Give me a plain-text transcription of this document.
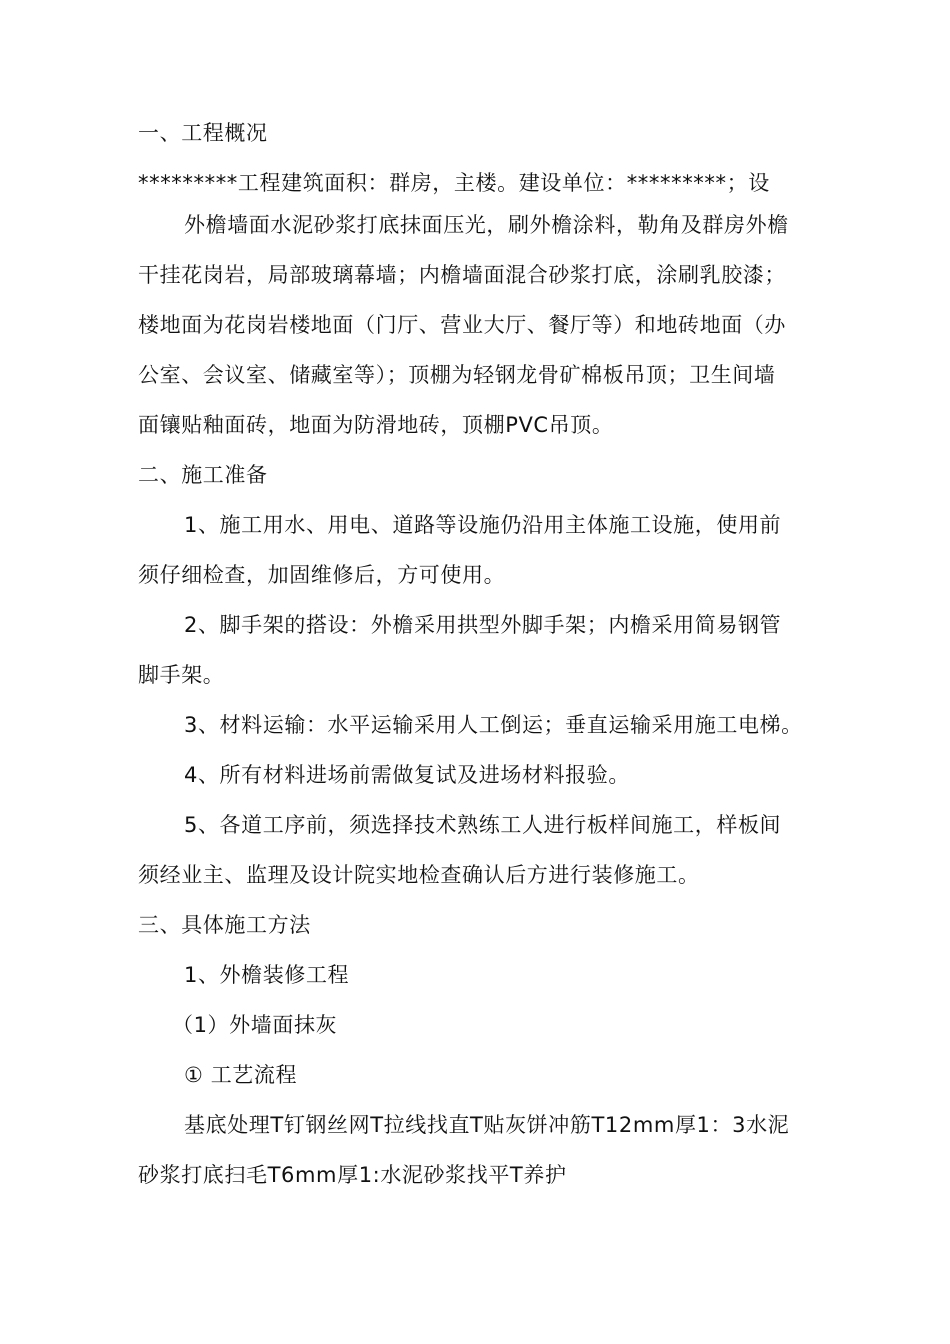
一、工程概况

*********工程建筑面积：群房，主楼。建设单位：*********；设

外檐墙面水泥砂浆打底抹面压光，刷外檐涂料，勒角及群房外檐

干挂花岗岩，局部玻璃幕墙；内檐墙面混合砂浆打底，涂刷乳胶漆；

楼地面为花岗岩楼地面（门厅、营业大厅、餐厅等）和地砖地面（办

公室、会议室、储藏室等）；顶棚为轻钢龙骨矿棉板吊顶；卫生间墙

面镶贴釉面砖，地面为防滑地砖，顶棚PVC吊顶。

二、施工准备

1、施工用水、用电、道路等设施仍沿用主体施工设施，使用前

须仔细检查，加固维修后，方可使用。

2、脚手架的搭设：外檐采用拱型外脚手架；内檐采用简易钢管

脚手架。

3、材料运输：水平运输采用人工倒运；垂直运输采用施工电梯。

4、所有材料进场前需做复试及进场材料报验。

5、各道工序前，须选择技术熟练工人进行板样间施工，样板间

须经业主、监理及设计院实地检查确认后方进行装修施工。

三、具体施工方法

1、外檐装修工程

（1）外墙面抹灰

① 工艺流程

基底处理T钉钢丝网T拉线找直T贴灰饼冲筋T12mm厚1：3水泥

砂浆打底扫毛T6mm厚1:水泥砂浆找平T养护
